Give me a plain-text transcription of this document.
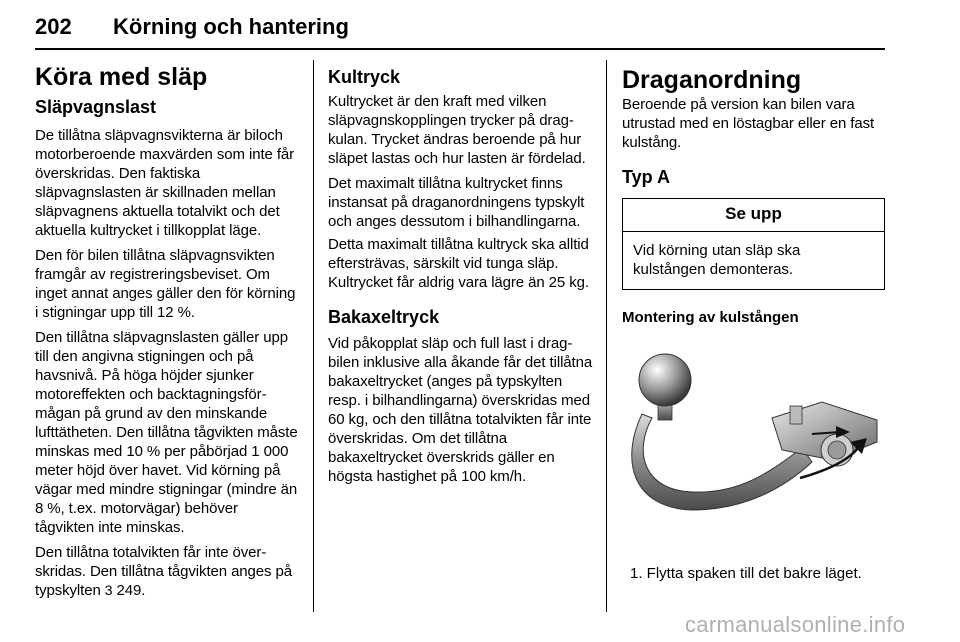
202 Körning och hantering
Köra med släp
Släpvagnslast

De tillåtna släpvagnsvikterna är biloch motorberoende maxvärden som inte får överskridas. Den faktiska släpvagnslasten är skillnaden mellan släpvagnens aktuella totalvikt och det aktuella kultrycket i tillkopplat läge.

Den för bilen tillåtna släpvagnsvikten framgår av registreringsbeviset. Om inget annat anges gäller den för körning i stigningar upp till 12 %.

Den tillåtna släpvagnslasten gäller upp till den angivna stigningen och på havsnivå. På höga höjder sjunker motoreffekten och backtagningsförmågan på grund av den minskande lufttätheten. Den tillåtna tågvikten måste minskas med 10 % per påbörjad 1 000 meter höjd över havet. Vid körning på vägar med mindre stigningar (mindre än 8 %, t.ex. motorvägar) behöver tågvikten inte minskas.

Den tillåtna totalvikten får inte överskridas. Den tillåtna tågvikten anges på typskylten 3 249.

Kultryck

Kultrycket är den kraft med vilken släpvagnskopplingen trycker på dragkulan. Trycket ändras beroende på hur släpet lastas och hur lasten är fördelad.

Det maximalt tillåtna kultrycket finns instansat på draganordningens typskylt och anges dessutom i bilhandlingarna.

Detta maximalt tillåtna kultryck ska alltid eftersträvas, särskilt vid tunga släp. Kultrycket får aldrig vara lägre än 25 kg.

Bakaxeltryck

Vid påkopplat släp och full last i dragbilen inklusive alla åkande får det tillåtna bakaxeltrycket (anges på typskylten resp. i bilhandlingarna) överskridas med 60 kg, och den tillåtna totalvikten får inte överskridas. Om det tillåtna bakaxeltrycket överskrids gäller en högsta hastighet på 100 km/h.

Draganordning

Beroende på version kan bilen vara utrustad med en löstagbar eller en fast kulstång.

Typ A
Se upp
Vid körning utan släp ska kulstången demonteras.
Montering av kulstången
1. Flytta spaken till det bakre läget.
carmanualsonline.info
